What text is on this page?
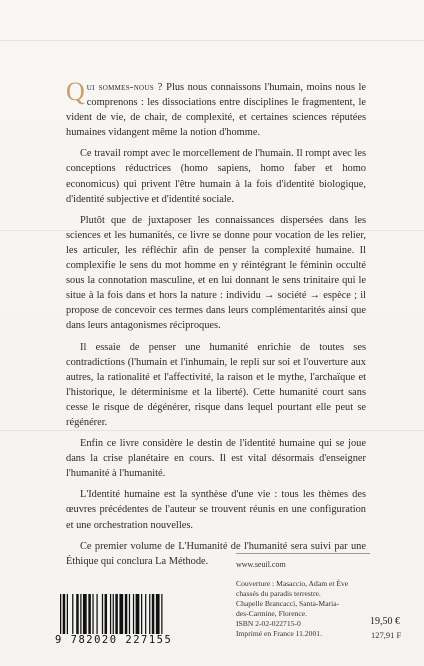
Qui sommes-nous ? Plus nous connaissons l'humain, moins nous le comprenons : les dissociations entre disciplines le fragmentent, le vident de vie, de chair, de complexité, et certaines sciences réputées humaines vidangent même la notion d'homme.

Ce travail rompt avec le morcellement de l'humain. Il rompt avec les conceptions réductrices (homo sapiens, homo faber et homo economicus) qui privent l'être humain à la fois d'identité biologique, d'identité subjective et d'identité sociale.

Plutôt que de juxtaposer les connaissances dispersées dans les sciences et les humanités, ce livre se donne pour vocation de les relier, les articuler, les réfléchir afin de penser la complexité humaine. Il complexifie le sens du mot homme en y réintégrant le féminin occulté sous la connotation masculine, et en lui donnant le sens trinitaire qui le situe à la fois dans et hors la nature : individu → société → espèce ; il propose de concevoir ces termes dans leurs complémentarités ainsi que dans leurs antagonismes réciproques.

Il essaie de penser une humanité enrichie de toutes ses contradictions (l'humain et l'inhumain, le repli sur soi et l'ouverture aux autres, la rationalité et l'affectivité, la raison et le mythe, l'archaïque et l'historique, le déterminisme et la liberté). Cette humanité court sans cesse le risque de dégénérer, risque dans lequel pourtant elle peut se régénérer.

Enfin ce livre considère le destin de l'identité humaine qui se joue dans la crise planétaire en cours. Il est vital désormais d'enseigner l'humanité à l'humanité.

L'Identité humaine est la synthèse d'une vie : tous les thèmes des œuvres précédentes de l'auteur se trouvent réunis en une configuration et une orchestration nouvelles.

Ce premier volume de L'Humanité de l'humanité sera suivi par une Éthique qui conclura La Méthode.	www.seuil.com
Couverture : Masaccio, Adam et Ève
chassés du paradis terrestre.
Chapelle Brancacci, Santa-Maria-
des-Carmine, Florence.
ISBN 2-02-022715-0
Imprimé en France 11.2001.
19,50 €
127,91 F
9 782020 227155
